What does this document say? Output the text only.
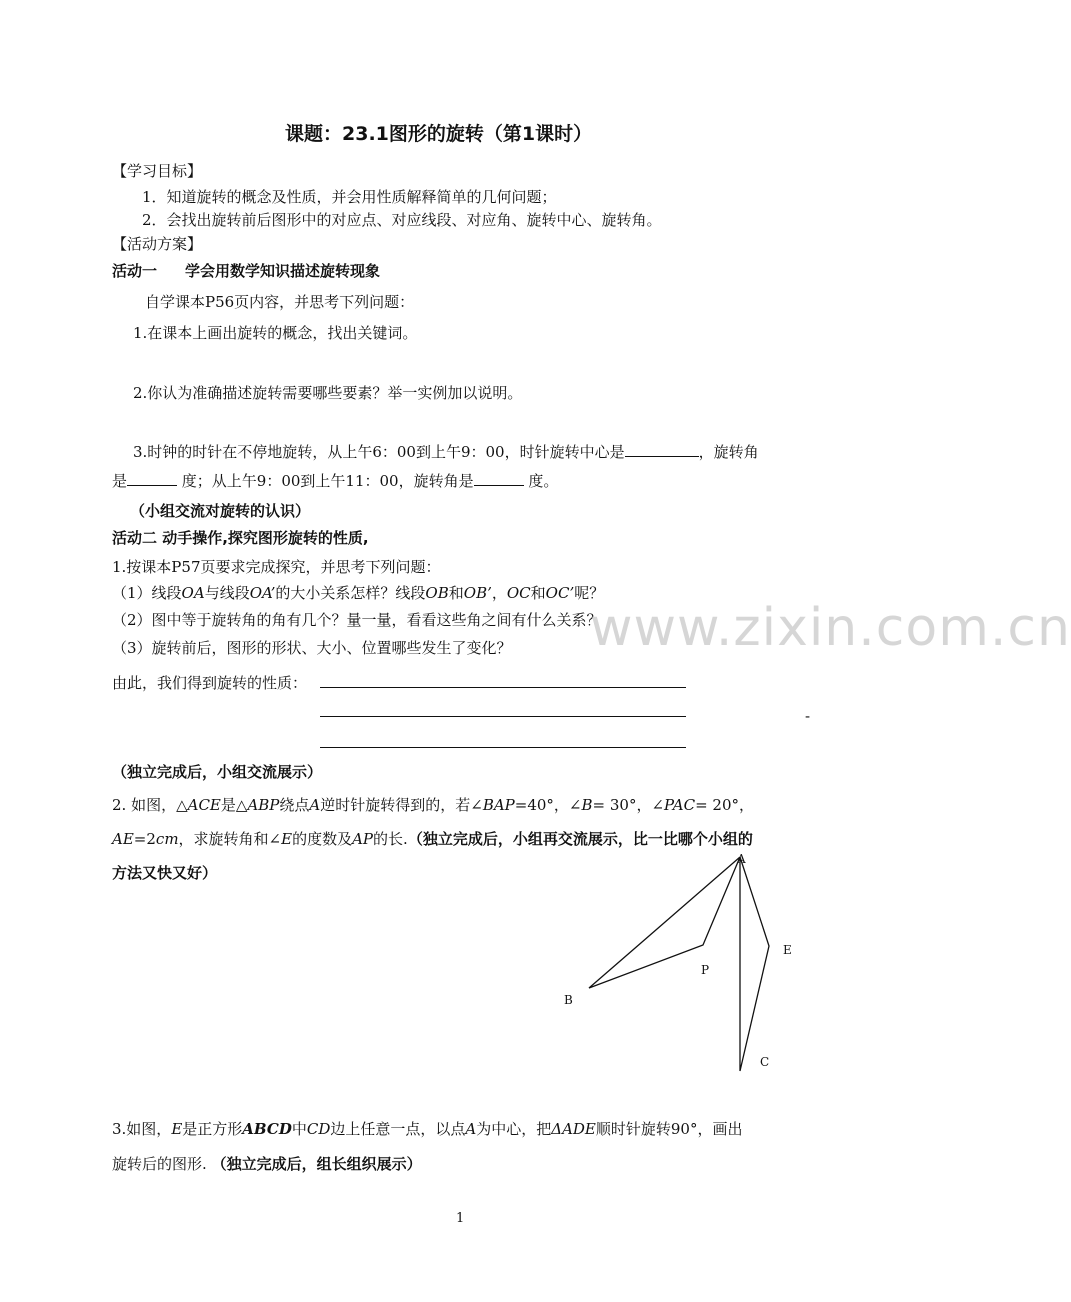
课题：23.1图形的旋转（第1课时）
【学习目标】
1．知道旋转的概念及性质，并会用性质解释简单的几何问题；
2．会找出旋转前后图形中的对应点、对应线段、对应角、旋转中心、旋转角。
【活动方案】
活动一 学会用数学知识描述旋转现象
自学课本P56页内容，并思考下列问题：
1.在课本上画出旋转的概念，找出关键词。
2.你认为准确描述旋转需要哪些要素？举一实例加以说明。
3.时钟的时针在不停地旋转，从上午6：00到上午9：00，时针旋转中心是	，旋转角
是	度；从上午9：00到上午11：00，旋转角是	度。
（小组交流对旋转的认识）
活动二 动手操作,探究图形旋转的性质,
1.按课本P57页要求完成探究，并思考下列问题：
（1）线段OA与线段OA’的大小关系怎样？线段OB和OB’，OC和OC’呢？
（2）图中等于旋转角的角有几个？量一量，看看这些角之间有什么关系？
（3）旋转前后，图形的形状、大小、位置哪些发生了变化？
由此，我们得到旋转的性质：
-
（独立完成后，小组交流展示）
2. 如图，△ACE是△ABP绕点A逆时针旋转得到的，若∠BAP=40°，∠B= 30°，∠PAC= 20°，
AE=2cm，求旋转角和∠E的度数及AP的长.（独立完成后，小组再交流展示，比一比哪个小组的
方法又快又好）
A
B
C
E
P
www.zixin.com.cn
3.如图，E是正方形ABCD中CD边上任意一点，以点A为中心，把ΔADE顺时针旋转90°，画出
旋转后的图形. （独立完成后，组长组织展示）
1
